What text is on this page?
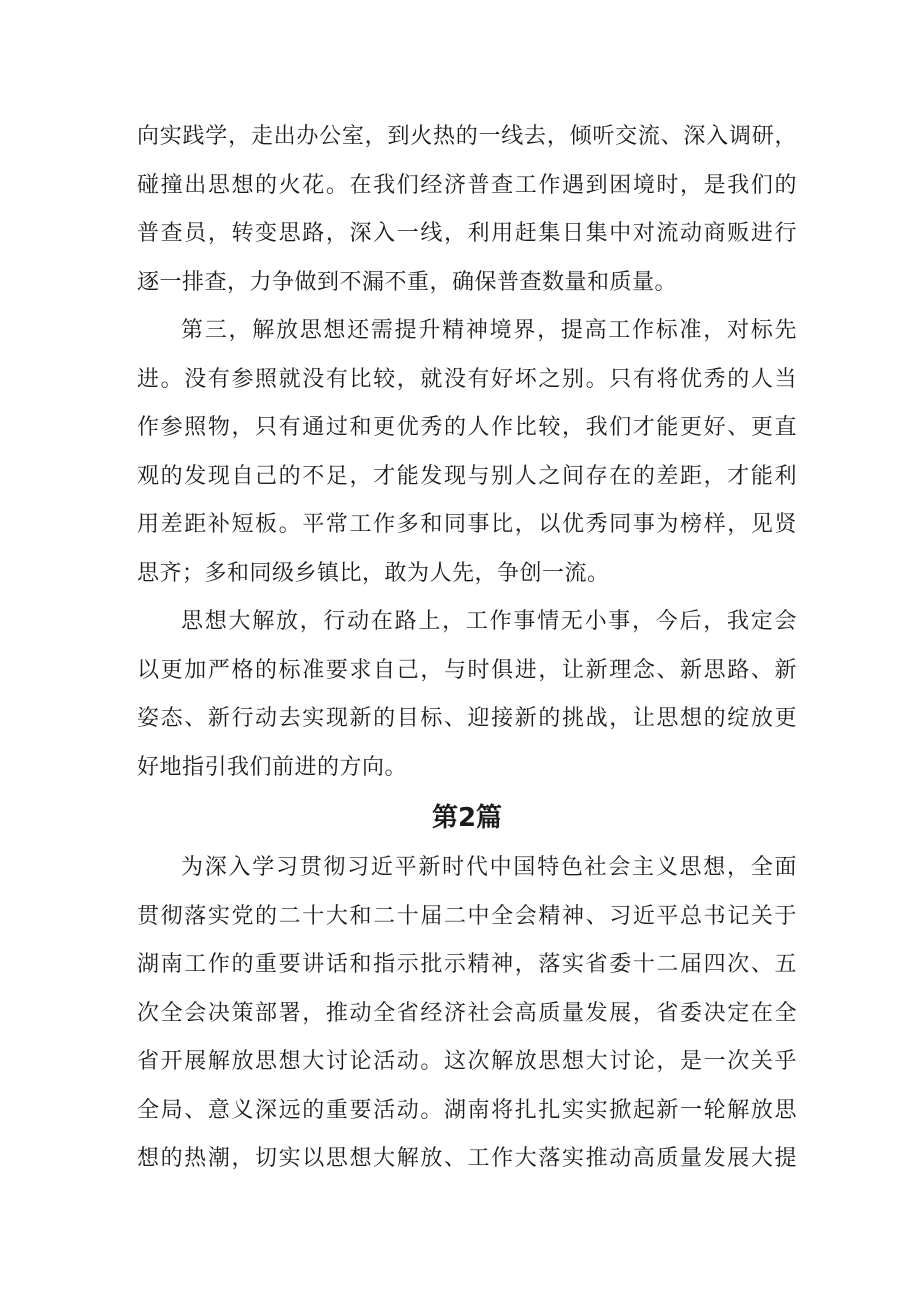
向实践学，走出办公室，到火热的一线去，倾听交流、深入调研，
碰撞出思想的火花。在我们经济普查工作遇到困境时，是我们的
普查员，转变思路，深入一线，利用赶集日集中对流动商贩进行
逐一排查，力争做到不漏不重，确保普查数量和质量。
第三，解放思想还需提升精神境界，提高工作标准，对标先
进。没有参照就没有比较，就没有好坏之别。只有将优秀的人当
作参照物，只有通过和更优秀的人作比较，我们才能更好、更直
观的发现自己的不足，才能发现与别人之间存在的差距，才能利
用差距补短板。平常工作多和同事比，以优秀同事为榜样，见贤
思齐；多和同级乡镇比，敢为人先，争创一流。
思想大解放，行动在路上，工作事情无小事，今后，我定会
以更加严格的标准要求自己，与时俱进，让新理念、新思路、新
姿态、新行动去实现新的目标、迎接新的挑战，让思想的绽放更
好地指引我们前进的方向。
第2篇
为深入学习贯彻习近平新时代中国特色社会主义思想，全面
贯彻落实党的二十大和二十届二中全会精神、习近平总书记关于
湖南工作的重要讲话和指示批示精神，落实省委十二届四次、五
次全会决策部署，推动全省经济社会高质量发展，省委决定在全
省开展解放思想大讨论活动。这次解放思想大讨论，是一次关乎
全局、意义深远的重要活动。湖南将扎扎实实掀起新一轮解放思
想的热潮，切实以思想大解放、工作大落实推动高质量发展大提
